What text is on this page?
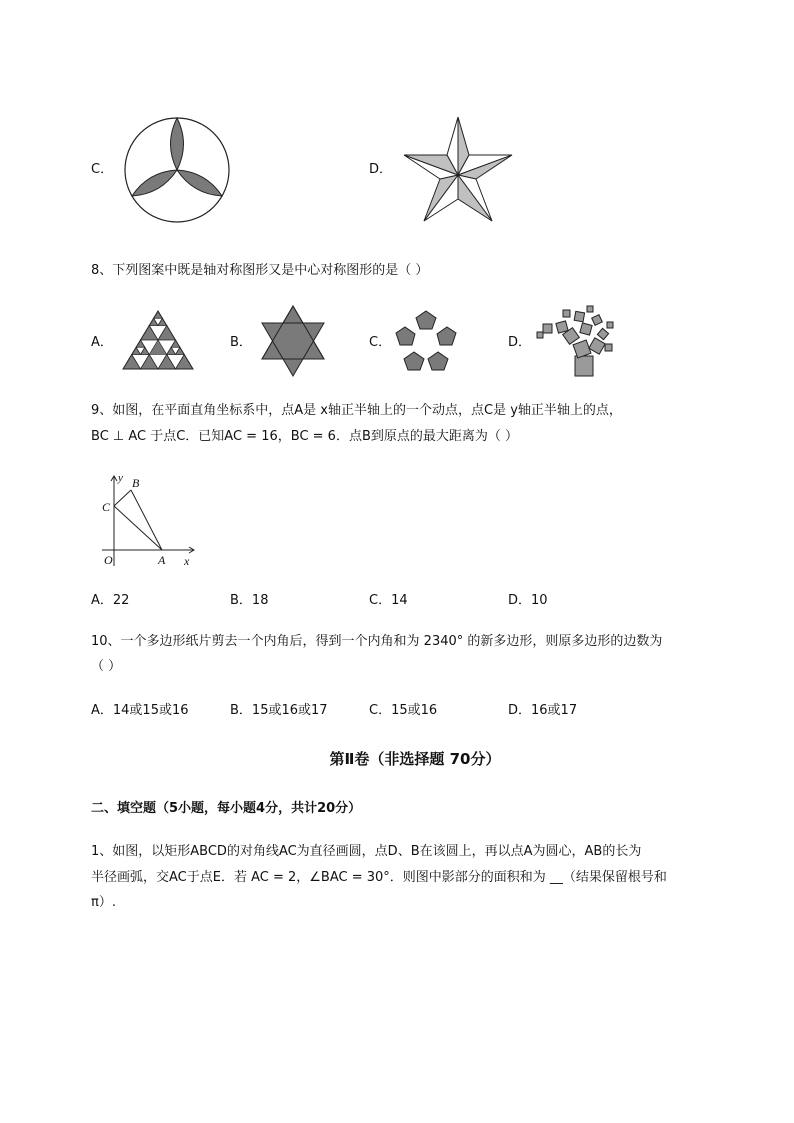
C．	D．
8、下列图案中既是轴对称图形又是中心对称图形的是（ ）
A．	B．	C．	D．
9、如图，在平面直角坐标系中，点A是 x轴正半轴上的一个动点，点C是 y轴正半轴上的点，
BC ⊥ AC 于点C．已知AC = 16，BC = 6．点B到原点的最大距离为（ ）
y B
C
O	A x
A．22	B．18	C．14	D．10
10、一个多边形纸片剪去一个内角后，得到一个内角和为 2340° 的新多边形，则原多边形的边数为
（ ）
A．14或15或16	B．15或16或17	C．15或16	D．16或17
第Ⅱ卷（非选择题 70分）
二、填空题（5小题，每小题4分，共计20分）
1、如图，以矩形ABCD的对角线AC为直径画圆，点D、B在该圆上，再以点A为圆心，AB的长为
半径画弧，交AC于点E．若 AC = 2，∠BAC = 30°．则图中影部分的面积和为 __（结果保留根号和
π）.
